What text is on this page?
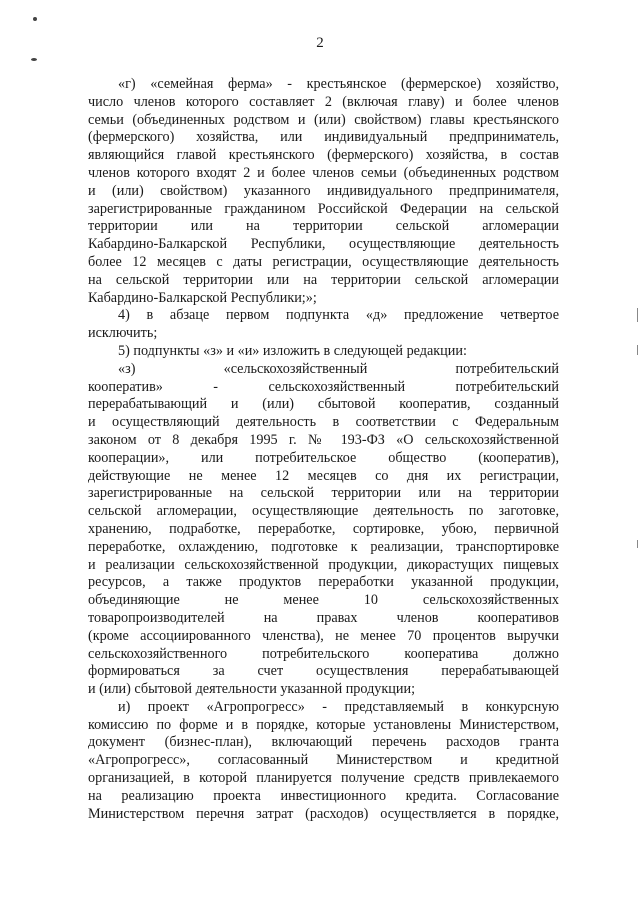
2
«г) «семейная ферма» - крестьянское (фермерское) хозяйство,
число членов которого составляет 2 (включая главу) и более членов
семьи (объединенных родством и (или) свойством) главы крестьянского
(фермерского) хозяйства, или индивидуальный предприниматель,
являющийся главой крестьянского (фермерского) хозяйства, в состав
членов которого входят 2 и более членов семьи (объединенных родством
и (или) свойством) указанного индивидуального предпринимателя,
зарегистрированные гражданином Российской Федерации на сельской
территории или на территории сельской агломерации
Кабардино-Балкарской Республики, осуществляющие деятельность
более 12 месяцев с даты регистрации, осуществляющие деятельность
на сельской территории или на территории сельской агломерации
Кабардино-Балкарской Республики;»;
4) в абзаце первом подпункта «д» предложение четвертое
исключить;
5) подпункты «з» и «и» изложить в следующей редакции:
«з) «сельскохозяйственный потребительский
кооператив» - сельскохозяйственный потребительский
перерабатывающий и (или) сбытовой кооператив, созданный
и осуществляющий деятельность в соответствии с Федеральным
законом от 8 декабря 1995 г. № 193-ФЗ «О сельскохозяйственной
кооперации», или потребительское общество (кооператив),
действующие не менее 12 месяцев со дня их регистрации,
зарегистрированные на сельской территории или на территории
сельской агломерации, осуществляющие деятельность по заготовке,
хранению, подработке, переработке, сортировке, убою, первичной
переработке, охлаждению, подготовке к реализации, транспортировке
и реализации сельскохозяйственной продукции, дикорастущих пищевых
ресурсов, а также продуктов переработки указанной продукции,
объединяющие не менее 10 сельскохозяйственных
товаропроизводителей на правах членов кооперативов
(кроме ассоциированного членства), не менее 70 процентов выручки
сельскохозяйственного потребительского кооператива должно
формироваться за счет осуществления перерабатывающей
и (или) сбытовой деятельности указанной продукции;
и) проект «Агропрогресс» - представляемый в конкурсную
комиссию по форме и в порядке, которые установлены Министерством,
документ (бизнес-план), включающий перечень расходов гранта
«Агропрогресс», согласованный Министерством и кредитной
организацией, в которой планируется получение средств привлекаемого
на реализацию проекта инвестиционного кредита. Согласование
Министерством перечня затрат (расходов) осуществляется в порядке,
